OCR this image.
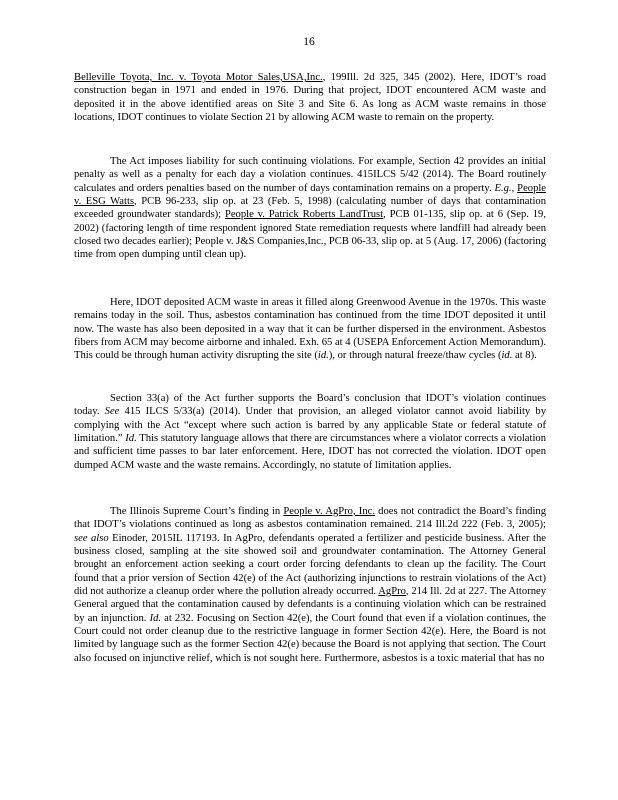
16

Belleville Toyota, Inc. v. Toyota Motor Sales,USA,Inc., 199Ill. 2d 325, 345 (2002). Here, IDOT’s road construction began in 1971 and ended in 1976. During that project, IDOT encountered ACM waste and deposited it in the above identified areas on Site 3 and Site 6. As long as ACM waste remains in those locations, IDOT continues to violate Section 21 by allowing ACM waste to remain on the property.

The Act imposes liability for such continuing violations. For example, Section 42 provides an initial penalty as well as a penalty for each day a violation continues. 415ILCS 5/42 (2014). The Board routinely calculates and orders penalties based on the number of days contamination remains on a property. E.g., People v. ESG Watts, PCB 96-233, slip op. at 23 (Feb. 5, 1998) (calculating number of days that contamination exceeded groundwater standards); People v. Patrick Roberts LandTrust, PCB 01-135, slip op. at 6 (Sep. 19, 2002) (factoring length of time respondent ignored State remediation requests where landfill had already been closed two decades earlier); People v. J&S Companies,Inc., PCB 06-33, slip op. at 5 (Aug. 17, 2006) (factoring time from open dumping until clean up).

Here, IDOT deposited ACM waste in areas it filled along Greenwood Avenue in the 1970s. This waste remains today in the soil. Thus, asbestos contamination has continued from the time IDOT deposited it until now. The waste has also been deposited in a way that it can be further dispersed in the environment. Asbestos fibers from ACM may become airborne and inhaled. Exh. 65 at 4 (USEPA Enforcement Action Memorandum). This could be through human activity disrupting the site (id.), or through natural freeze/thaw cycles (id. at 8).

Section 33(a) of the Act further supports the Board’s conclusion that IDOT’s violation continues today. See 415 ILCS 5/33(a) (2014). Under that provision, an alleged violator cannot avoid liability by complying with the Act “except where such action is barred by any applicable State or federal statute of limitation.” Id. This statutory language allows that there are circumstances where a violator corrects a violation and sufficient time passes to bar later enforcement. Here, IDOT has not corrected the violation. IDOT open dumped ACM waste and the waste remains. Accordingly, no statute of limitation applies.

The Illinois Supreme Court’s finding in People v. AgPro, Inc. does not contradict the Board’s finding that IDOT’s violations continued as long as asbestos contamination remained. 214 Ill.2d 222 (Feb. 3, 2005); see also Einoder, 2015IL 117193. In AgPro, defendants operated a fertilizer and pesticide business. After the business closed, sampling at the site showed soil and groundwater contamination. The Attorney General brought an enforcement action seeking a court order forcing defendants to clean up the facility. The Court found that a prior version of Section 42(e) of the Act (authorizing injunctions to restrain violations of the Act) did not authorize a cleanup order where the pollution already occurred. AgPro, 214 Ill. 2d at 227. The Attorney General argued that the contamination caused by defendants is a continuing violation which can be restrained by an injunction. Id. at 232. Focusing on Section 42(e), the Court found that even if a violation continues, the Court could not order cleanup due to the restrictive language in former Section 42(e). Here, the Board is not limited by language such as the former Section 42(e) because the Board is not applying that section. The Court also focused on injunctive relief, which is not sought here. Furthermore, asbestos is a toxic material that has no
